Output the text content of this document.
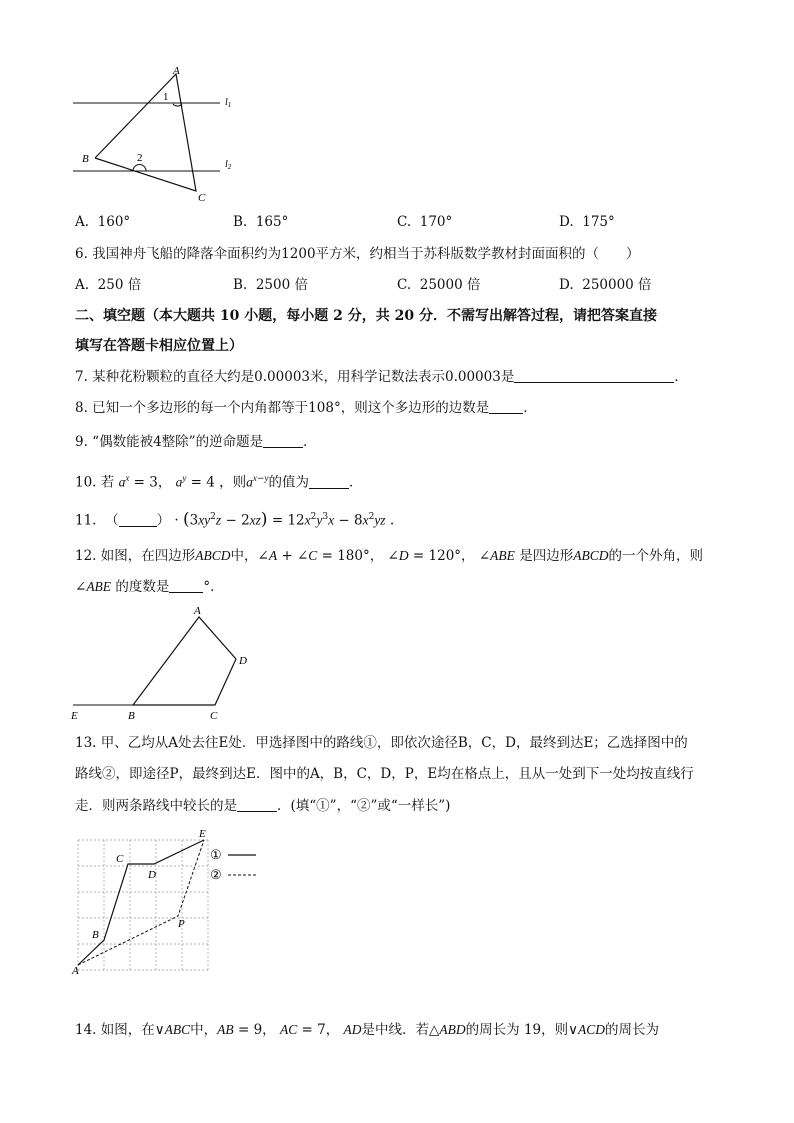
A
B
C
1
2
$l_1$
$l_2$
A. 160°	B. 165°	C. 170°	D. 175°
6. 我国神舟飞船的降落伞面积约为1200平方米，约相当于苏科版数学教材封面面积的（　　）
A. 250 倍	B. 2500 倍	C. 25000 倍	D. 250000 倍
二、填空题（本大题共 10 小题，每小题 2 分，共 20 分．不需写出解答过程，请把答案直接
填写在答题卡相应位置上）
7. 某种花粉颗粒的直径大约是0.00003米，用科学记数法表示0.00003是	．
8. 已知一个多边形的每一个内角都等于108°，则这个多边形的边数是	．
9. “偶数能被4整除”的逆命题是	．
10. 若 $a^x = 3$， $a^y = 4$ ，则$a^{x-y}$的值为	．
11. （	） · $(3xy^2z - 2xz) = 12x^2y^3x - 8x^2yz$ .
12. 如图，在四边形ABCD中，∠A + ∠C = 180°， ∠D = 120°， ∠ABE 是四边形ABCD的一个外角，则
∠ABE 的度数是	°．
A
B	C
D
E
13. 甲、乙均从A处去往E处．甲选择图中的路线①，即依次途径B，C，D，最终到达E；乙选择图中的
路线②，即途径P，最终到达E．图中的A，B，C，D，P，E均在格点上，且从一处到下一处均按直线行
走．则两条路线中较长的是	．(填“①”，“②”或“一样长”)
A
B
C
D
E
P
①
②
14. 如图，在∨ABC中，AB = 9， AC = 7， AD是中线．若△ABD的周长为 19，则∨ACD的周长为
